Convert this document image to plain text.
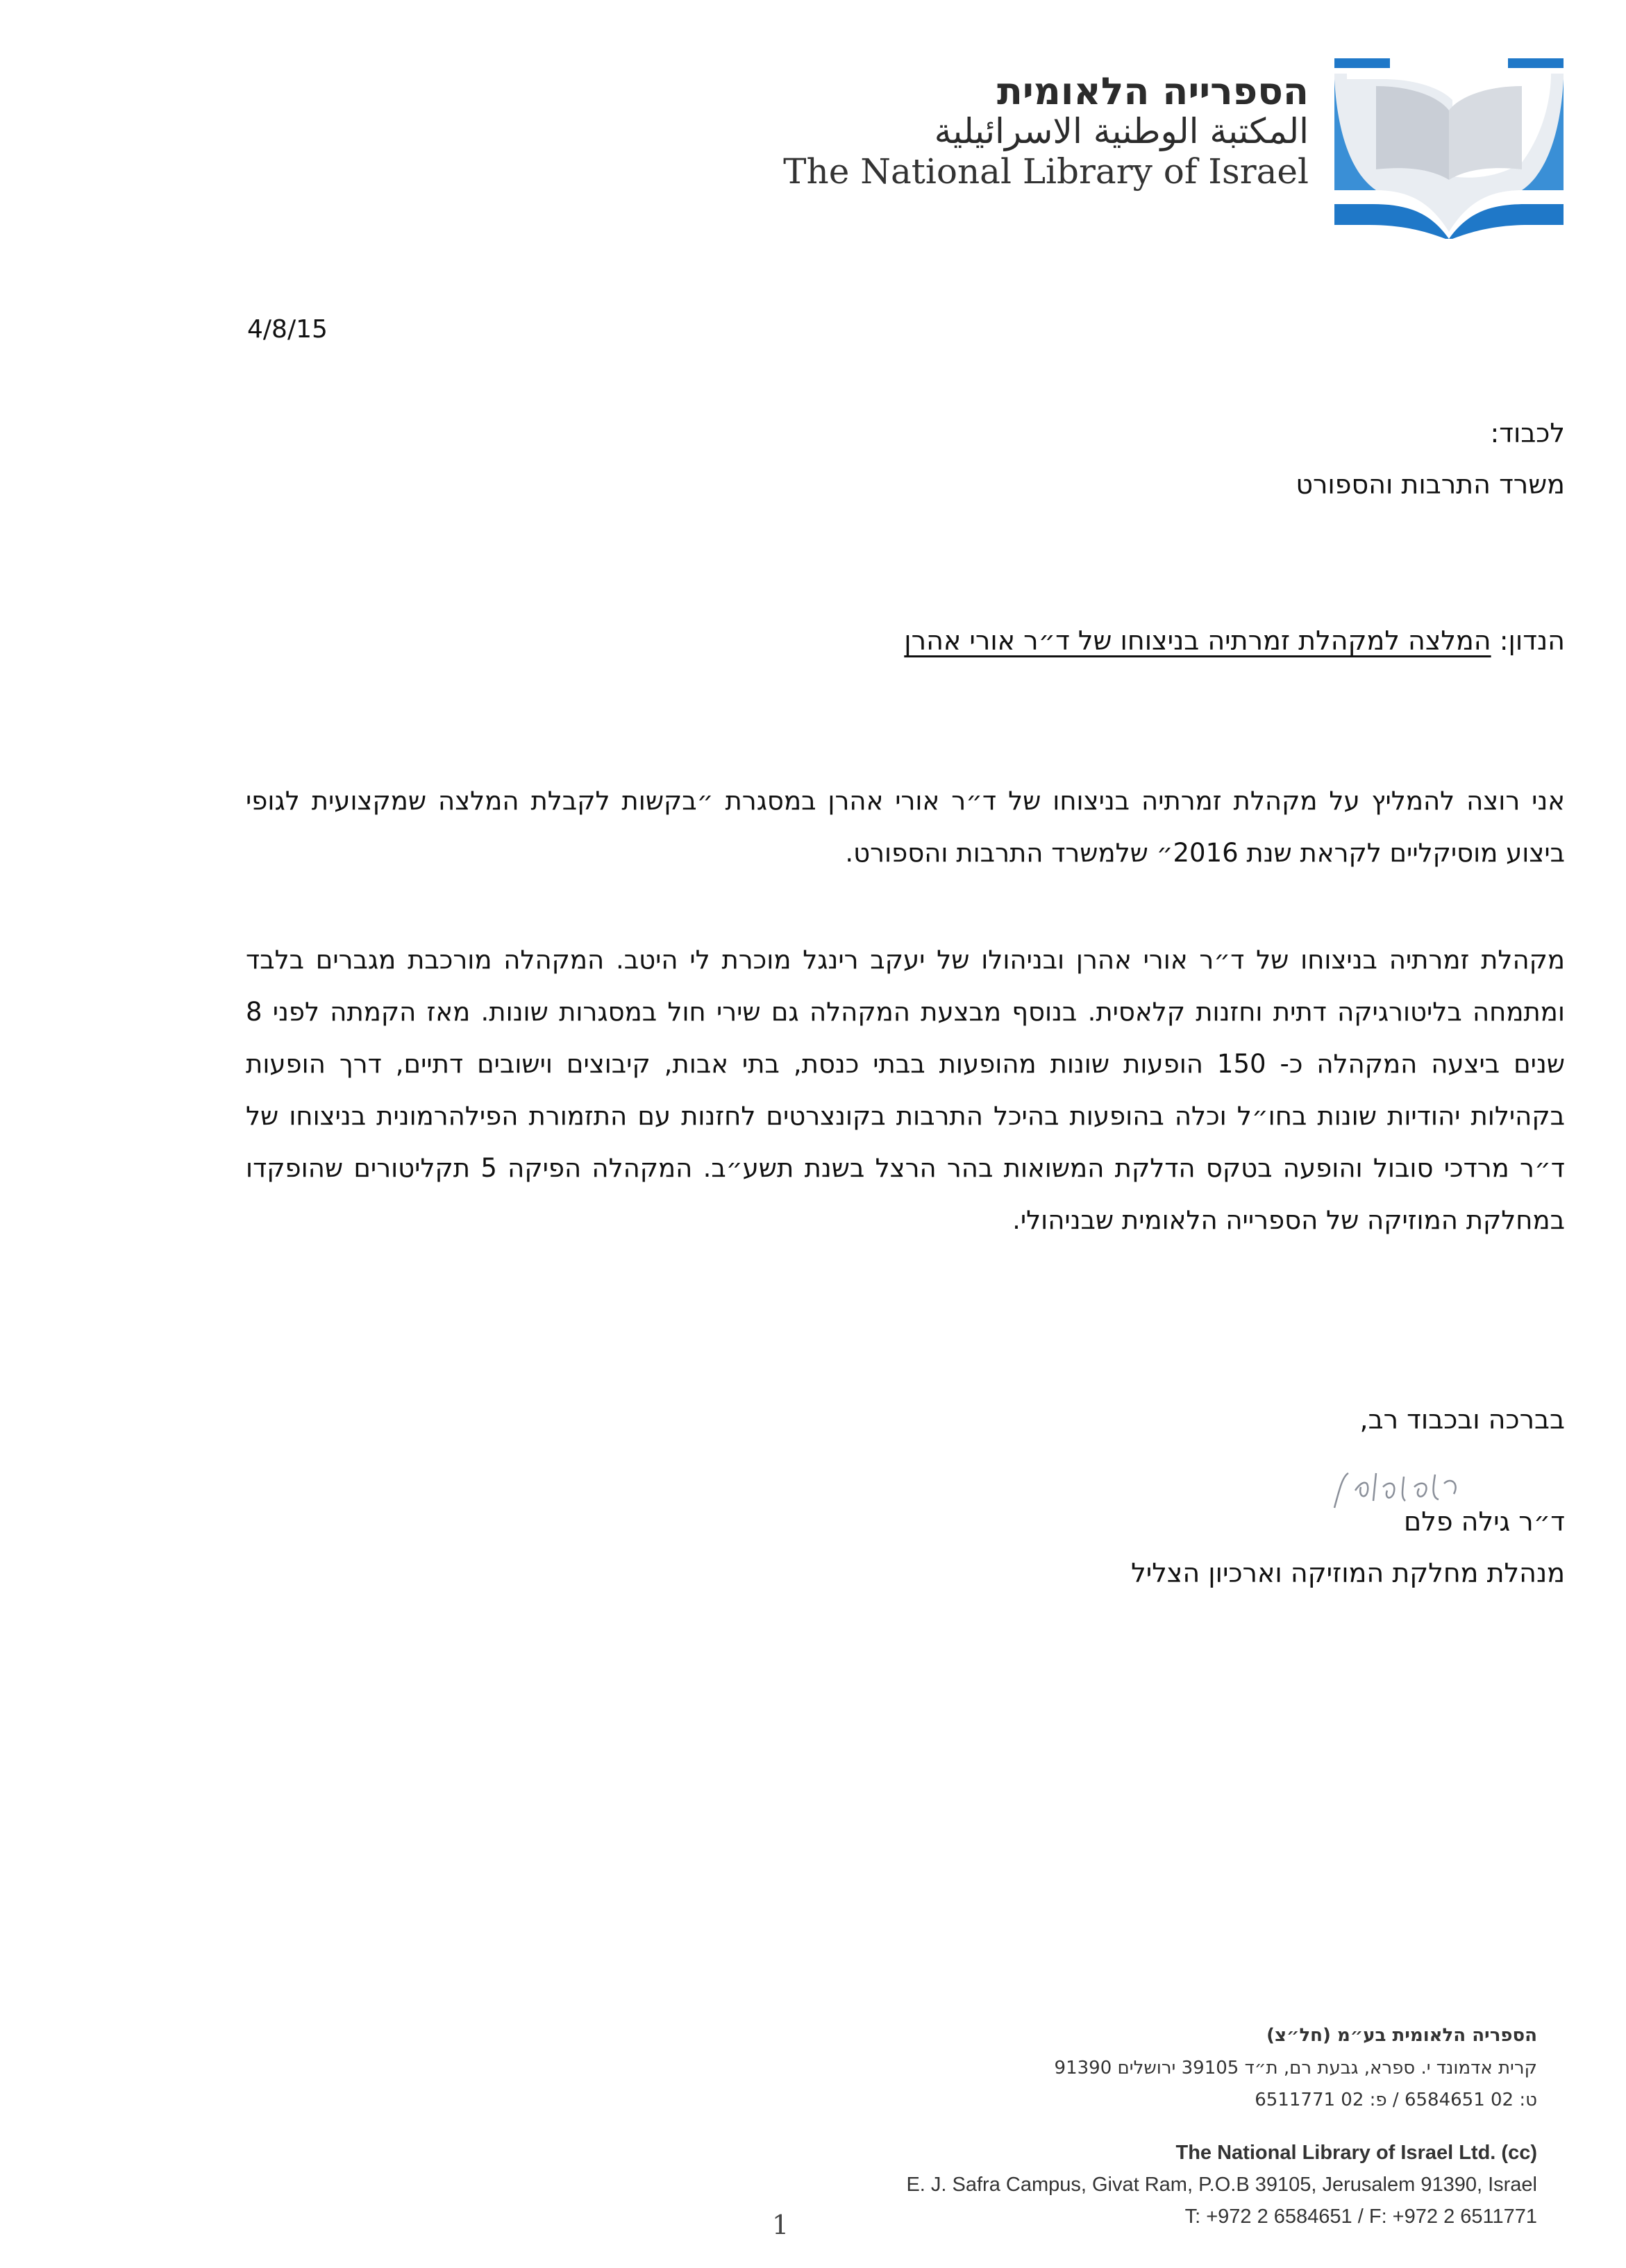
הספרייה הלאומית
المكتبة الوطنية الاسرائيلية
The National Library of Israel
4/8/15
לכבוד:
משרד התרבות והספורט
הנדון: המלצה למקהלת זמרתיה בניצוחו של ד״ר אורי אהרן
אני רוצה להמליץ על מקהלת זמרתיה בניצוחו של ד״ר אורי אהרן במסגרת ״בקשות לקבלת המלצה שמקצועית לגופי ביצוע מוסיקליים לקראת שנת 2016״ שלמשרד התרבות והספורט.
מקהלת זמרתיה בניצוחו של ד״ר אורי אהרן ובניהולו של יעקב רינגל מוכרת לי היטב. המקהלה מורכבת מגברים בלבד ומתמחה בליטורגיקה דתית וחזנות קלאסית. בנוסף מבצעת המקהלה גם שירי חול במסגרות שונות. מאז הקמתה לפני 8 שנים ביצעה המקהלה כ- 150 הופעות שונות מהופעות בבתי כנסת, בתי אבות, קיבוצים וישובים דתיים, דרך הופעות בקהילות יהודיות שונות בחו״ל וכלה בהופעות בהיכל התרבות בקונצרטים לחזנות עם התזמורת הפילהרמונית בניצוחו של ד״ר מרדכי סובול והופעה בטקס הדלקת המשואות בהר הרצל בשנת תשע״ב. המקהלה הפיקה 5 תקליטורים שהופקדו במחלקת המוזיקה של הספרייה הלאומית שבניהולי.
בברכה ובכבוד רב,
ד״ר גילה פלם
מנהלת מחלקת המוזיקה וארכיון הצליל
הספריה הלאומית בע״מ (חל״צ)
קרית אדמונד י. ספרא, גבעת רם, ת״ד 39105 ירושלים 91390
ט: 02 6584651 / פ: 02 6511771
The National Library of Israel Ltd. (cc)
E. J. Safra Campus, Givat Ram, P.O.B 39105, Jerusalem 91390, Israel
T: +972 2 6584651 / F: +972 2 6511771
1
